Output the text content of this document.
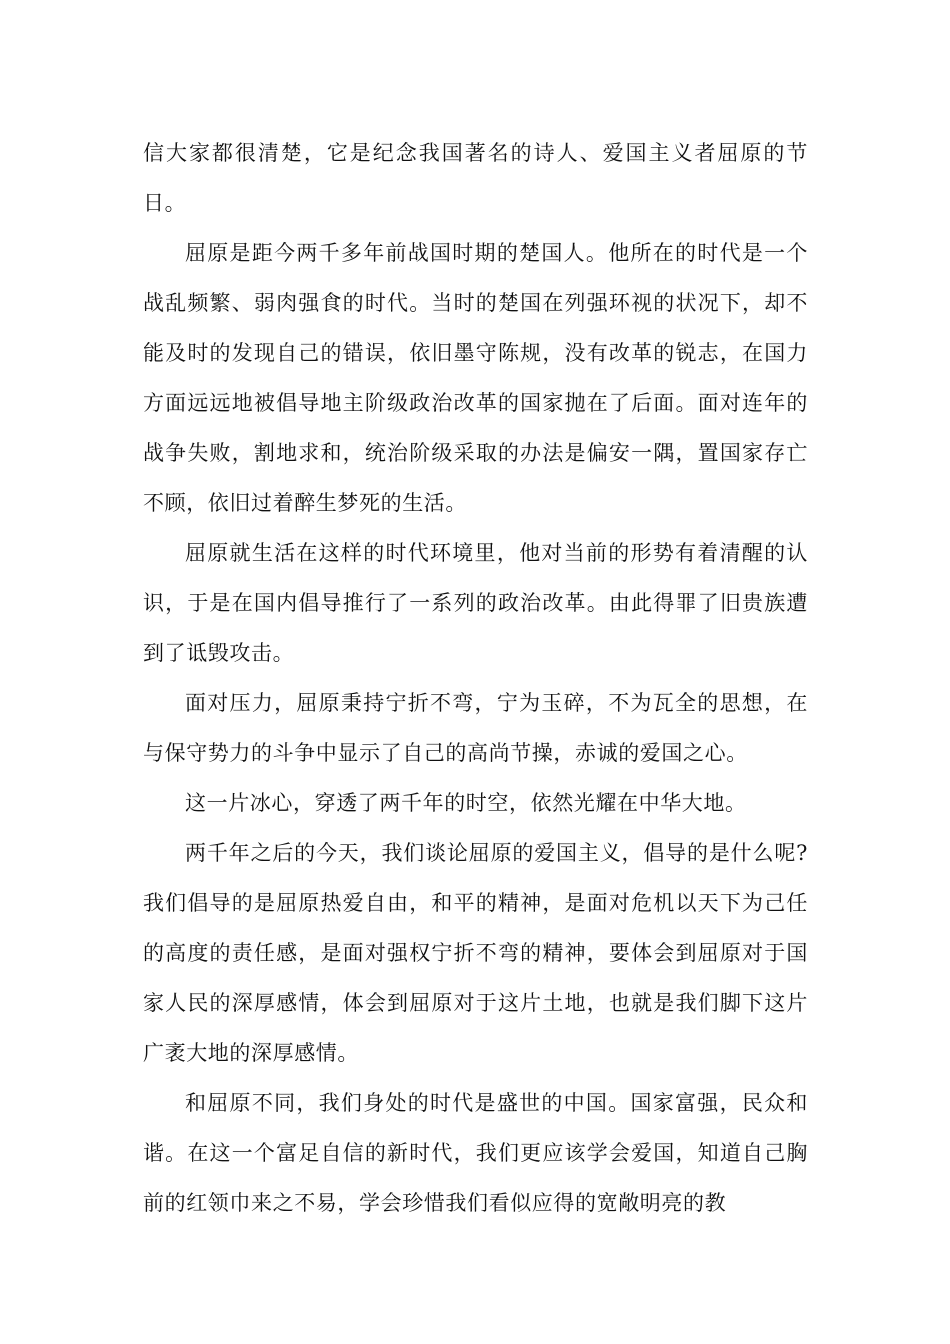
信大家都很清楚，它是纪念我国著名的诗人、爱国主义者屈原的节日。

屈原是距今两千多年前战国时期的楚国人。他所在的时代是一个战乱频繁、弱肉强食的时代。当时的楚国在列强环视的状况下，却不能及时的发现自己的错误，依旧墨守陈规，没有改革的锐志，在国力方面远远地被倡导地主阶级政治改革的国家抛在了后面。面对连年的战争失败，割地求和，统治阶级采取的办法是偏安一隅，置国家存亡不顾，依旧过着醉生梦死的生活。

屈原就生活在这样的时代环境里，他对当前的形势有着清醒的认识，于是在国内倡导推行了一系列的政治改革。由此得罪了旧贵族遭到了诋毁攻击。

面对压力，屈原秉持宁折不弯，宁为玉碎，不为瓦全的思想，在与保守势力的斗争中显示了自己的高尚节操，赤诚的爱国之心。

这一片冰心，穿透了两千年的时空，依然光耀在中华大地。

两千年之后的今天，我们谈论屈原的爱国主义，倡导的是什么呢?我们倡导的是屈原热爱自由，和平的精神，是面对危机以天下为己任的高度的责任感，是面对强权宁折不弯的精神，要体会到屈原对于国家人民的深厚感情，体会到屈原对于这片土地，也就是我们脚下这片广袤大地的深厚感情。

和屈原不同，我们身处的时代是盛世的中国。国家富强，民众和谐。在这一个富足自信的新时代，我们更应该学会爱国，知道自己胸前的红领巾来之不易，学会珍惜我们看似应得的宽敞明亮的教
